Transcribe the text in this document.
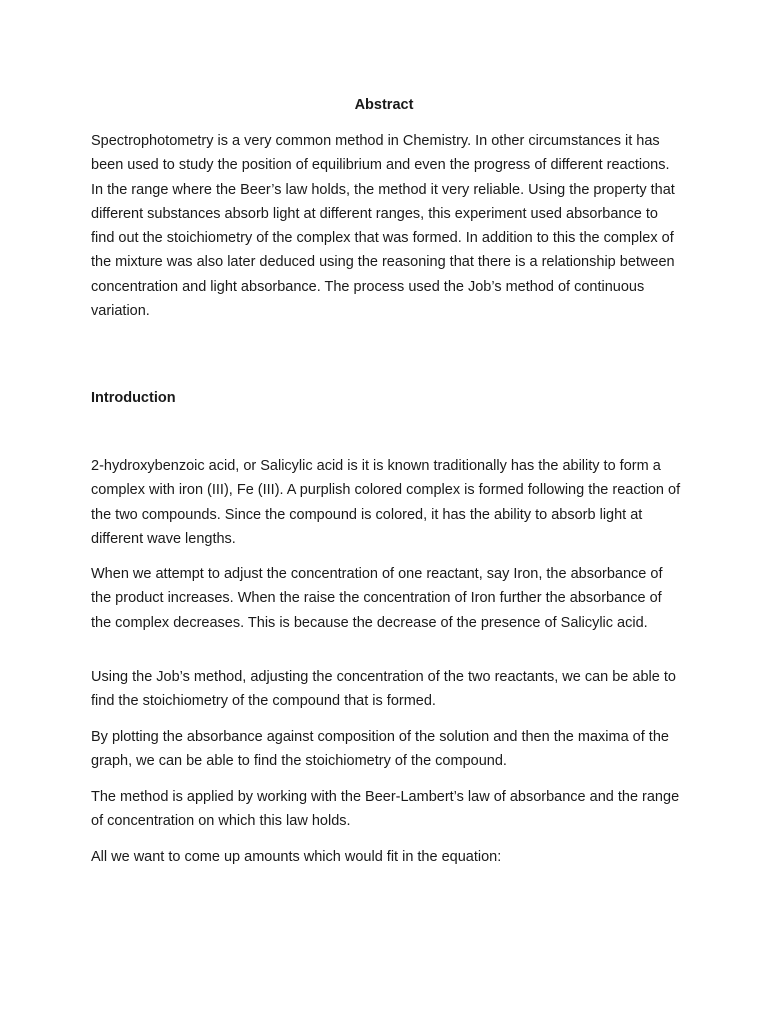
Abstract

Spectrophotometry is a very common method in Chemistry. In other circumstances it has been used to study the position of equilibrium and even the progress of different reactions. In the range where the Beer’s law holds, the method it very reliable. Using the property that different substances absorb light at different ranges, this experiment used absorbance to find out the stoichiometry of the complex that was formed. In addition to this the complex of the mixture was also later deduced using the reasoning that there is a relationship between concentration and light absorbance. The process used the Job’s method of continuous variation.

Introduction

2-hydroxybenzoic acid, or Salicylic acid is it is known traditionally has the ability to form a complex with iron (III), Fe (III). A purplish colored complex is formed following the reaction of the two compounds. Since the compound is colored, it has the ability to absorb light at different wave lengths.

When we attempt to adjust the concentration of one reactant, say Iron, the absorbance of the product increases. When the raise the concentration of Iron further the absorbance of the complex decreases. This is because the decrease of the presence of Salicylic acid.

Using the Job’s method, adjusting the concentration of the two reactants, we can be able to find the stoichiometry of the compound that is formed.

By plotting the absorbance against composition of the solution and then the maxima of the graph, we can be able to find the stoichiometry of the compound.

The method is applied by working with the Beer-Lambert’s law of absorbance and the range of concentration on which this law holds.

All we want to come up amounts which would fit in the equation:
